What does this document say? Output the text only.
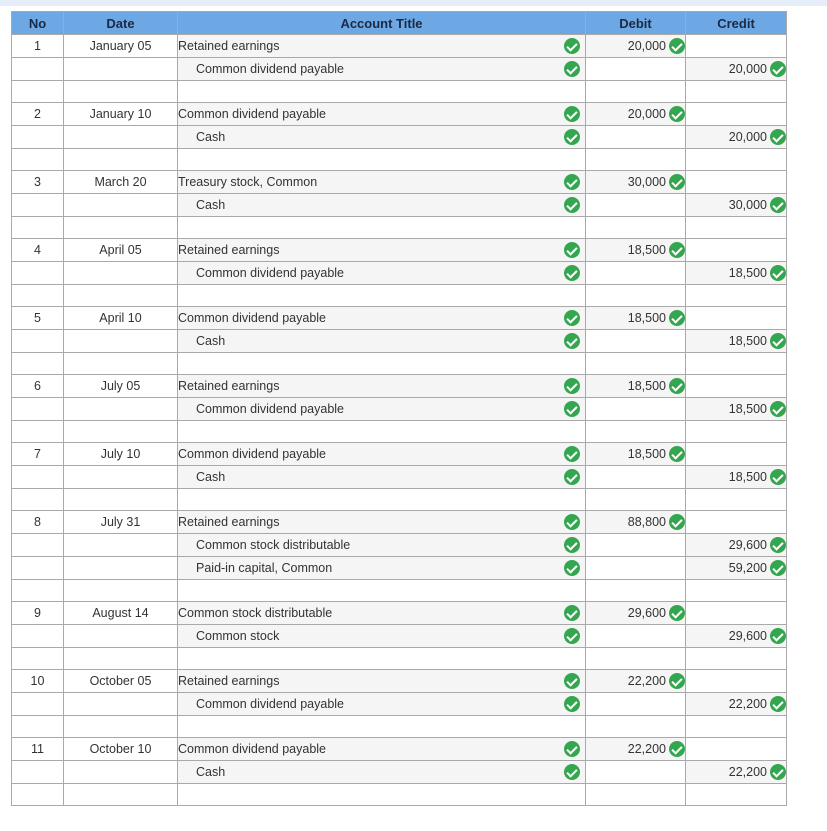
No	Date	Account Title	Debit	Credit
1	January 05	Retained earnings	20,000	
		Common dividend payable		20,000

2	January 10	Common dividend payable	20,000	
		Cash		20,000

3	March 20	Treasury stock, Common	30,000	
		Cash		30,000

4	April 05	Retained earnings	18,500	
		Common dividend payable		18,500

5	April 10	Common dividend payable	18,500	
		Cash		18,500

6	July 05	Retained earnings	18,500	
		Common dividend payable		18,500

7	July 10	Common dividend payable	18,500	
		Cash		18,500

8	July 31	Retained earnings	88,800	
		Common stock distributable		29,600
		Paid-in capital, Common		59,200

9	August 14	Common stock distributable	29,600	
		Common stock		29,600

10	October 05	Retained earnings	22,200	
		Common dividend payable		22,200

11	October 10	Common dividend payable	22,200	
		Cash		22,200
